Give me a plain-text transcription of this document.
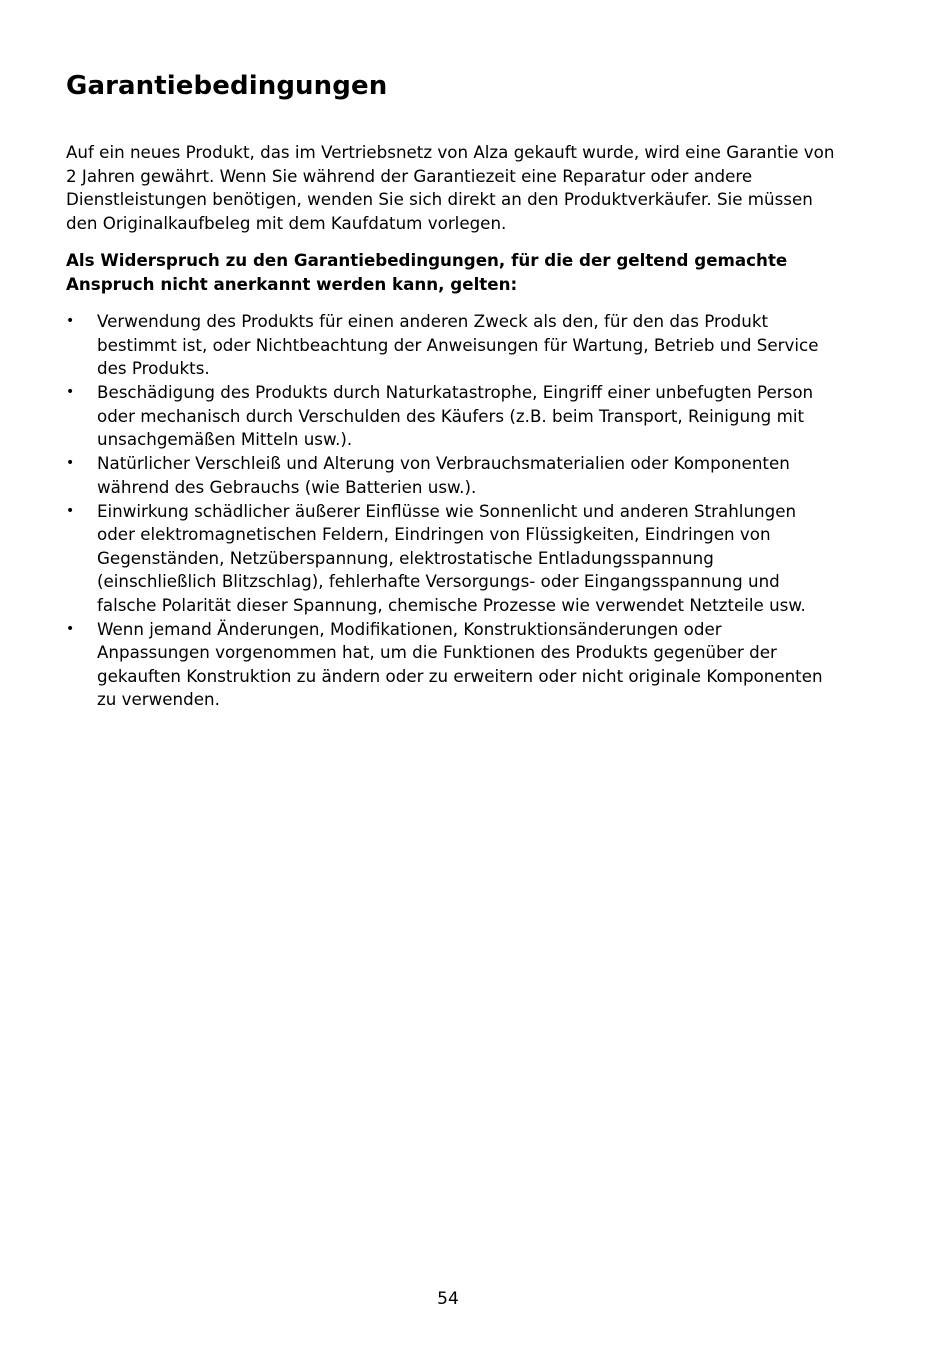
Garantiebedingungen

Auf ein neues Produkt, das im Vertriebsnetz von Alza gekauft wurde, wird eine Garantie von 2 Jahren gewährt. Wenn Sie während der Garantiezeit eine Reparatur oder andere Dienstleistungen benötigen, wenden Sie sich direkt an den Produktverkäufer. Sie müssen den Originalkaufbeleg mit dem Kaufdatum vorlegen.

Als Widerspruch zu den Garantiebedingungen, für die der geltend gemachte Anspruch nicht anerkannt werden kann, gelten:

• Verwendung des Produkts für einen anderen Zweck als den, für den das Produkt bestimmt ist, oder Nichtbeachtung der Anweisungen für Wartung, Betrieb und Service des Produkts.
• Beschädigung des Produkts durch Naturkatastrophe, Eingriff einer unbefugten Person oder mechanisch durch Verschulden des Käufers (z.B. beim Transport, Reinigung mit unsachgemäßen Mitteln usw.).
• Natürlicher Verschleiß und Alterung von Verbrauchsmaterialien oder Komponenten während des Gebrauchs (wie Batterien usw.).
• Einwirkung schädlicher äußerer Einflüsse wie Sonnenlicht und anderen Strahlungen oder elektromagnetischen Feldern, Eindringen von Flüssigkeiten, Eindringen von Gegenständen, Netzüberspannung, elektrostatische Entladungsspannung (einschließlich Blitzschlag), fehlerhafte Versorgungs- oder Eingangsspannung und falsche Polarität dieser Spannung, chemische Prozesse wie verwendet Netzteile usw.
• Wenn jemand Änderungen, Modifikationen, Konstruktionsänderungen oder Anpassungen vorgenommen hat, um die Funktionen des Produkts gegenüber der gekauften Konstruktion zu ändern oder zu erweitern oder nicht originale Komponenten zu verwenden.
54
